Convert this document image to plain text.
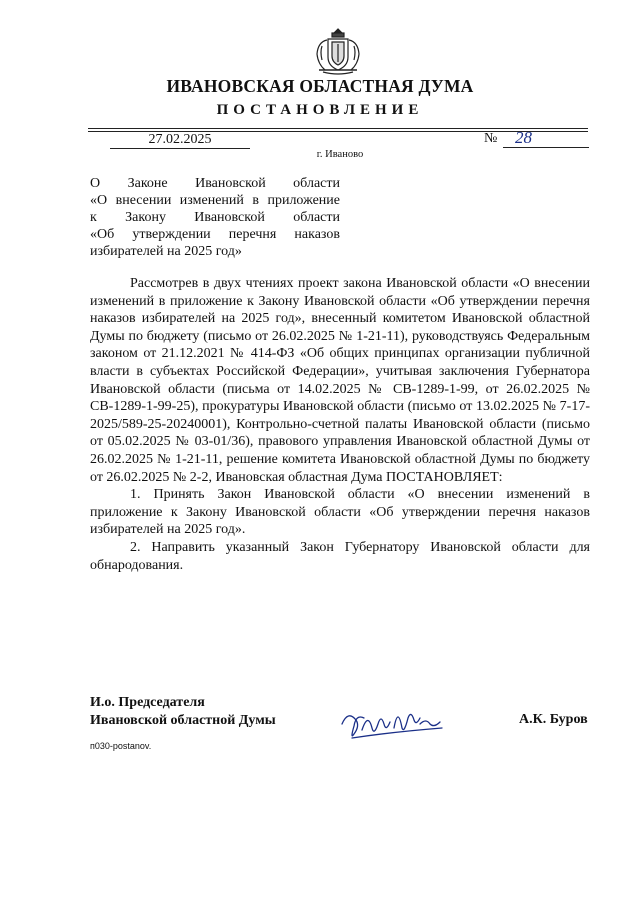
ИВАНОВСКАЯ ОБЛАСТНАЯ ДУМА
ПОСТАНОВЛЕНИЕ
27.02.2025	№	28
г. Иваново
О Законе Ивановской области
«О внесении изменений в приложение
к Закону Ивановской области
«Об утверждении перечня наказов
избирателей на 2025 год»

Рассмотрев в двух чтениях проект закона Ивановской области «О внесении изменений в приложение к Закону Ивановской области «Об утверждении перечня наказов избирателей на 2025 год», внесенный комитетом Ивановской областной Думы по бюджету (письмо от 26.02.2025 № 1-21-11), руководствуясь Федеральным законом от 21.12.2021 № 414-ФЗ «Об общих принципах организации публичной власти в субъектах Российской Федерации», учитывая заключения Губернатора Ивановской области (письма от 14.02.2025 № СВ-1289-1-99, от 26.02.2025 № СВ-1289-1-99-25), прокуратуры Ивановской области (письмо от 13.02.2025 № 7-17-2025/589-25-20240001), Контрольно-счетной палаты Ивановской области (письмо от 05.02.2025 № 03-01/36), правового управления Ивановской областной Думы от 26.02.2025 № 1-21-11, решение комитета Ивановской областной Думы по бюджету от 26.02.2025 № 2-2, Ивановская областная Дума ПОСТАНОВЛЯЕТ:

1. Принять Закон Ивановской области «О внесении изменений в приложение к Закону Ивановской области «Об утверждении перечня наказов избирателей на 2025 год».

2. Направить указанный Закон Губернатору Ивановской области для обнародования.

И.о. Председателя
Ивановской областной Думы	А.К. Буров
п030-postanov.
